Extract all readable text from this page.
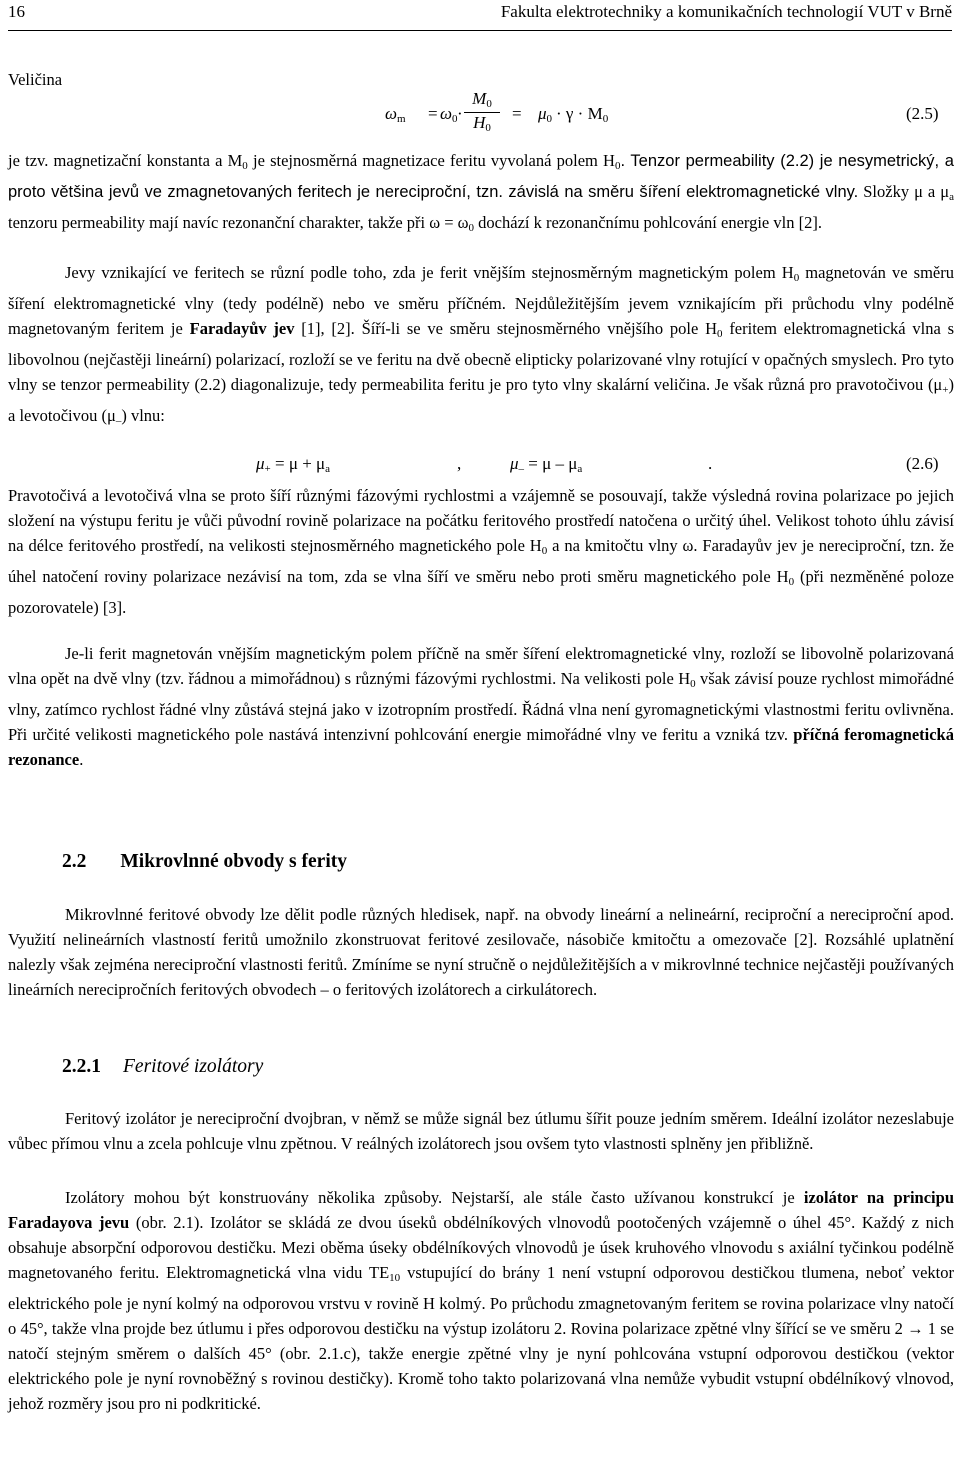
16	Fakulta elektrotechniky a komunikačních technologií VUT v Brně
Veličina
$\omega_m = \omega_0$ ·
$M_0$
$H_0$
= $\mu_0 \cdot \gamma \cdot M_0$	(2.5)
je tzv. magnetizační konstanta a $M_0$ je stejnosměrná magnetizace feritu vyvolaná polem $H_0$. Tenzor permeability (2.2) je nesymetrický, a proto většina jevů ve zmagnetovaných feritech je nereciproční, tzn. závislá na směru šíření elektromagnetické vlny. Složky μ a $\mu_a$ tenzoru permeability mají navíc rezonanční charakter, takže při $\omega = \omega_0$ dochází k rezonančnímu pohlcování energie vln [2].
Jevy vznikající ve feritech se různí podle toho, zda je ferit vnějším stejnosměrným magnetickým polem $H_0$ magnetován ve směru šíření elektromagnetické vlny (tedy podélně) nebo ve směru příčném. Nejdůležitějším jevem vznikajícím při průchodu vlny podélně magnetovaným feritem je Faradayův jev [1], [2]. Šíří-li se ve směru stejnosměrného vnějšího pole $H_0$ feritem elektromagnetická vlna s libovolnou (nejčastěji lineární) polarizací, rozloží se ve feritu na dvě obecně elipticky polarizované vlny rotující v opačných smyslech. Pro tyto vlny se tenzor permeability (2.2) diagonalizuje, tedy permeabilita feritu je pro tyto vlny skalární veličina. Je však různá pro pravotočivou $(\mu_+)$ a levotočivou $(\mu_-)$ vlnu:
$\mu_+ = \mu + \mu_a$	,	$\mu_- = \mu - \mu_a$	.	(2.6)
Pravotočivá a levotočivá vlna se proto šíří různými fázovými rychlostmi a vzájemně se posouvají, takže výsledná rovina polarizace po jejich složení na výstupu feritu je vůči původní rovině polarizace na počátku feritového prostředí natočena o určitý úhel. Velikost tohoto úhlu závisí na délce feritového prostředí, na velikosti stejnosměrného magnetického pole $H_0$ a na kmitočtu vlny ω. Faradayův jev je nereciproční, tzn. že úhel natočení roviny polarizace nezávisí na tom, zda se vlna šíří ve směru nebo proti směru magnetického pole $H_0$ (při nezměněné poloze pozorovatele) [3].
Je-li ferit magnetován vnějším magnetickým polem příčně na směr šíření elektromagnetické vlny, rozloží se libovolně polarizovaná vlna opět na dvě vlny (tzv. řádnou a mimořádnou) s různými fázovými rychlostmi. Na velikosti pole $H_0$ však závisí pouze rychlost mimořádné vlny, zatímco rychlost řádné vlny zůstává stejná jako v izotropním prostředí. Řádná vlna není gyromagnetickými vlastnostmi feritu ovlivněna. Při určité velikosti magnetického pole nastává intenzivní pohlcování energie mimořádné vlny ve feritu a vzniká tzv. příčná feromagnetická rezonance.
2.2 Mikrovlnné obvody s ferity
Mikrovlnné feritové obvody lze dělit podle různých hledisek, např. na obvody lineární a nelineární, reciproční a nereciproční apod. Využití nelineárních vlastností feritů umožnilo zkonstruovat feritové zesilovače, násobiče kmitočtu a omezovače [2]. Rozsáhlé uplatnění nalezly však zejména nereciproční vlastnosti feritů. Zmíníme se nyní stručně o nejdůležitějších a v mikrovlnné technice nejčastěji používaných lineárních nerecipročních feritových obvodech – o feritových izolátorech a cirkulátorech.
2.2.1 Feritové izolátory
Feritový izolátor je nereciproční dvojbran, v němž se může signál bez útlumu šířit pouze jedním směrem. Ideální izolátor nezeslabuje vůbec přímou vlnu a zcela pohlcuje vlnu zpětnou. V reálných izolátorech jsou ovšem tyto vlastnosti splněny jen přibližně.
Izolátory mohou být konstruovány několika způsoby. Nejstarší, ale stále často užívanou konstrukcí je izolátor na principu Faradayova jevu (obr. 2.1). Izolátor se skládá ze dvou úseků obdélníkových vlnovodů pootočených vzájemně o úhel 45°. Každý z nich obsahuje absorpční odporovou destičku. Mezi oběma úseky obdélníkových vlnovodů je úsek kruhového vlnovodu s axiální tyčinkou podélně magnetovaného feritu. Elektromagnetická vlna vidu $TE_{10}$ vstupující do brány 1 není vstupní odporovou destičkou tlumena, neboť vektor elektrického pole je nyní kolmý na odporovou vrstvu v rovině H kolmý. Po průchodu zmagnetovaným feritem se rovina polarizace vlny natočí o 45°, takže vlna projde bez útlumu i přes odporovou destičku na výstup izolátoru 2. Rovina polarizace zpětné vlny šířící se ve směru 2 → 1 se natočí stejným směrem o dalších 45° (obr. 2.1.c), takže energie zpětné vlny je nyní pohlcována vstupní odporovou destičkou (vektor elektrického pole je nyní rovnoběžný s rovinou destičky). Kromě toho takto polarizovaná vlna nemůže vybudit vstupní obdélníkový vlnovod, jehož rozměry jsou pro ni podkritické.
